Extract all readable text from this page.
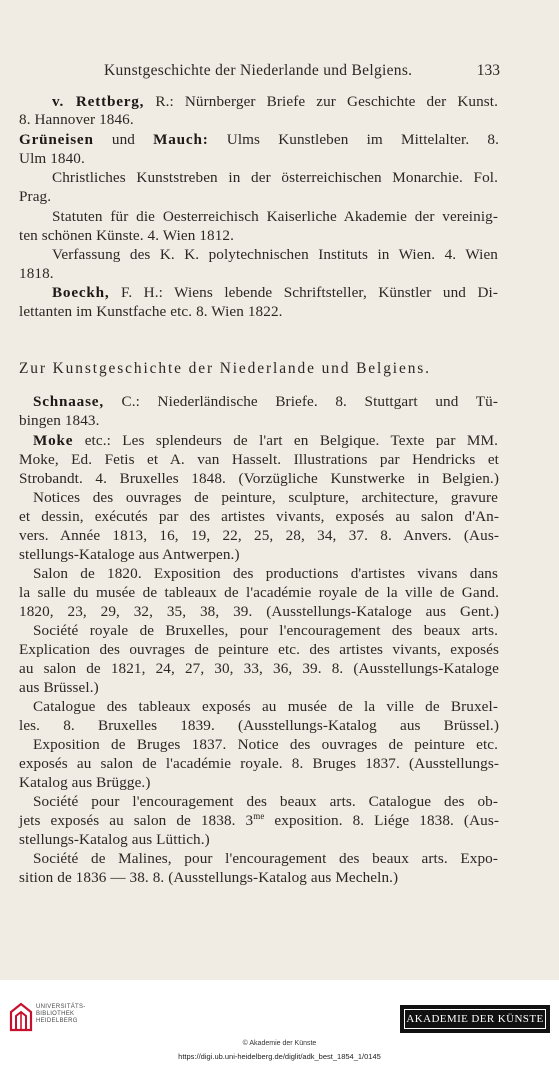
Kunstgeschichte der Niederlande und Belgiens.	133
v. Rettberg, R.: Nürnberger Briefe zur Geschichte der Kunst.
8. Hannover 1846.
Grüneisen und Mauch: Ulms Kunstleben im Mittelalter. 8.
Ulm 1840.
Christliches Kunststreben in der österreichischen Monarchie. Fol.
Prag.
Statuten für die Oesterreichisch Kaiserliche Akademie der vereinig-
ten schönen Künste. 4. Wien 1812.
Verfassung des K. K. polytechnischen Instituts in Wien. 4. Wien
1818.
Boeckh, F. H.: Wiens lebende Schriftsteller, Künstler und Di-
lettanten im Kunstfache etc. 8. Wien 1822.
Zur Kunstgeschichte der Niederlande und Belgiens.
Schnaase, C.: Niederländische Briefe. 8. Stuttgart und Tü-
bingen 1843.
Moke etc.: Les splendeurs de l'art en Belgique. Texte par MM.
Moke, Ed. Fetis et A. van Hasselt. Illustrations par Hendricks et
Strobandt. 4. Bruxelles 1848. (Vorzügliche Kunstwerke in Belgien.)
Notices des ouvrages de peinture, sculpture, architecture, gravure
et dessin, exécutés par des artistes vivants, exposés au salon d'An-
vers. Année 1813, 16, 19, 22, 25, 28, 34, 37. 8. Anvers. (Aus-
stellungs-Kataloge aus Antwerpen.)
Salon de 1820. Exposition des productions d'artistes vivans dans
la salle du musée de tableaux de l'académie royale de la ville de Gand.
1820, 23, 29, 32, 35, 38, 39. (Ausstellungs-Kataloge aus Gent.)
Société royale de Bruxelles, pour l'encouragement des beaux arts.
Explication des ouvrages de peinture etc. des artistes vivants, exposés
au salon de 1821, 24, 27, 30, 33, 36, 39. 8. (Ausstellungs-Kataloge
aus Brüssel.)
Catalogue des tableaux exposés au musée de la ville de Bruxel-
les. 8. Bruxelles 1839. (Ausstellungs-Katalog aus Brüssel.)
Exposition de Bruges 1837. Notice des ouvrages de peinture etc.
exposés au salon de l'académie royale. 8. Bruges 1837. (Ausstellungs-
Katalog aus Brügge.)
Société pour l'encouragement des beaux arts. Catalogue des ob-
jets exposés au salon de 1838. $3^{me}$ exposition. 8. Liége 1838. (Aus-
stellungs-Katalog aus Lüttich.)
Société de Malines, pour l'encouragement des beaux arts. Expo-
sition de 1836 — 38. 8. (Ausstellungs-Katalog aus Mecheln.)
UNIVERSITÄTS-
BIBLIOTHEK
HEIDELBERG	AKADEMIE DER KÜNSTE
© Akademie der Künste
https://digi.ub.uni-heidelberg.de/diglit/adk_best_1854_1/0145
